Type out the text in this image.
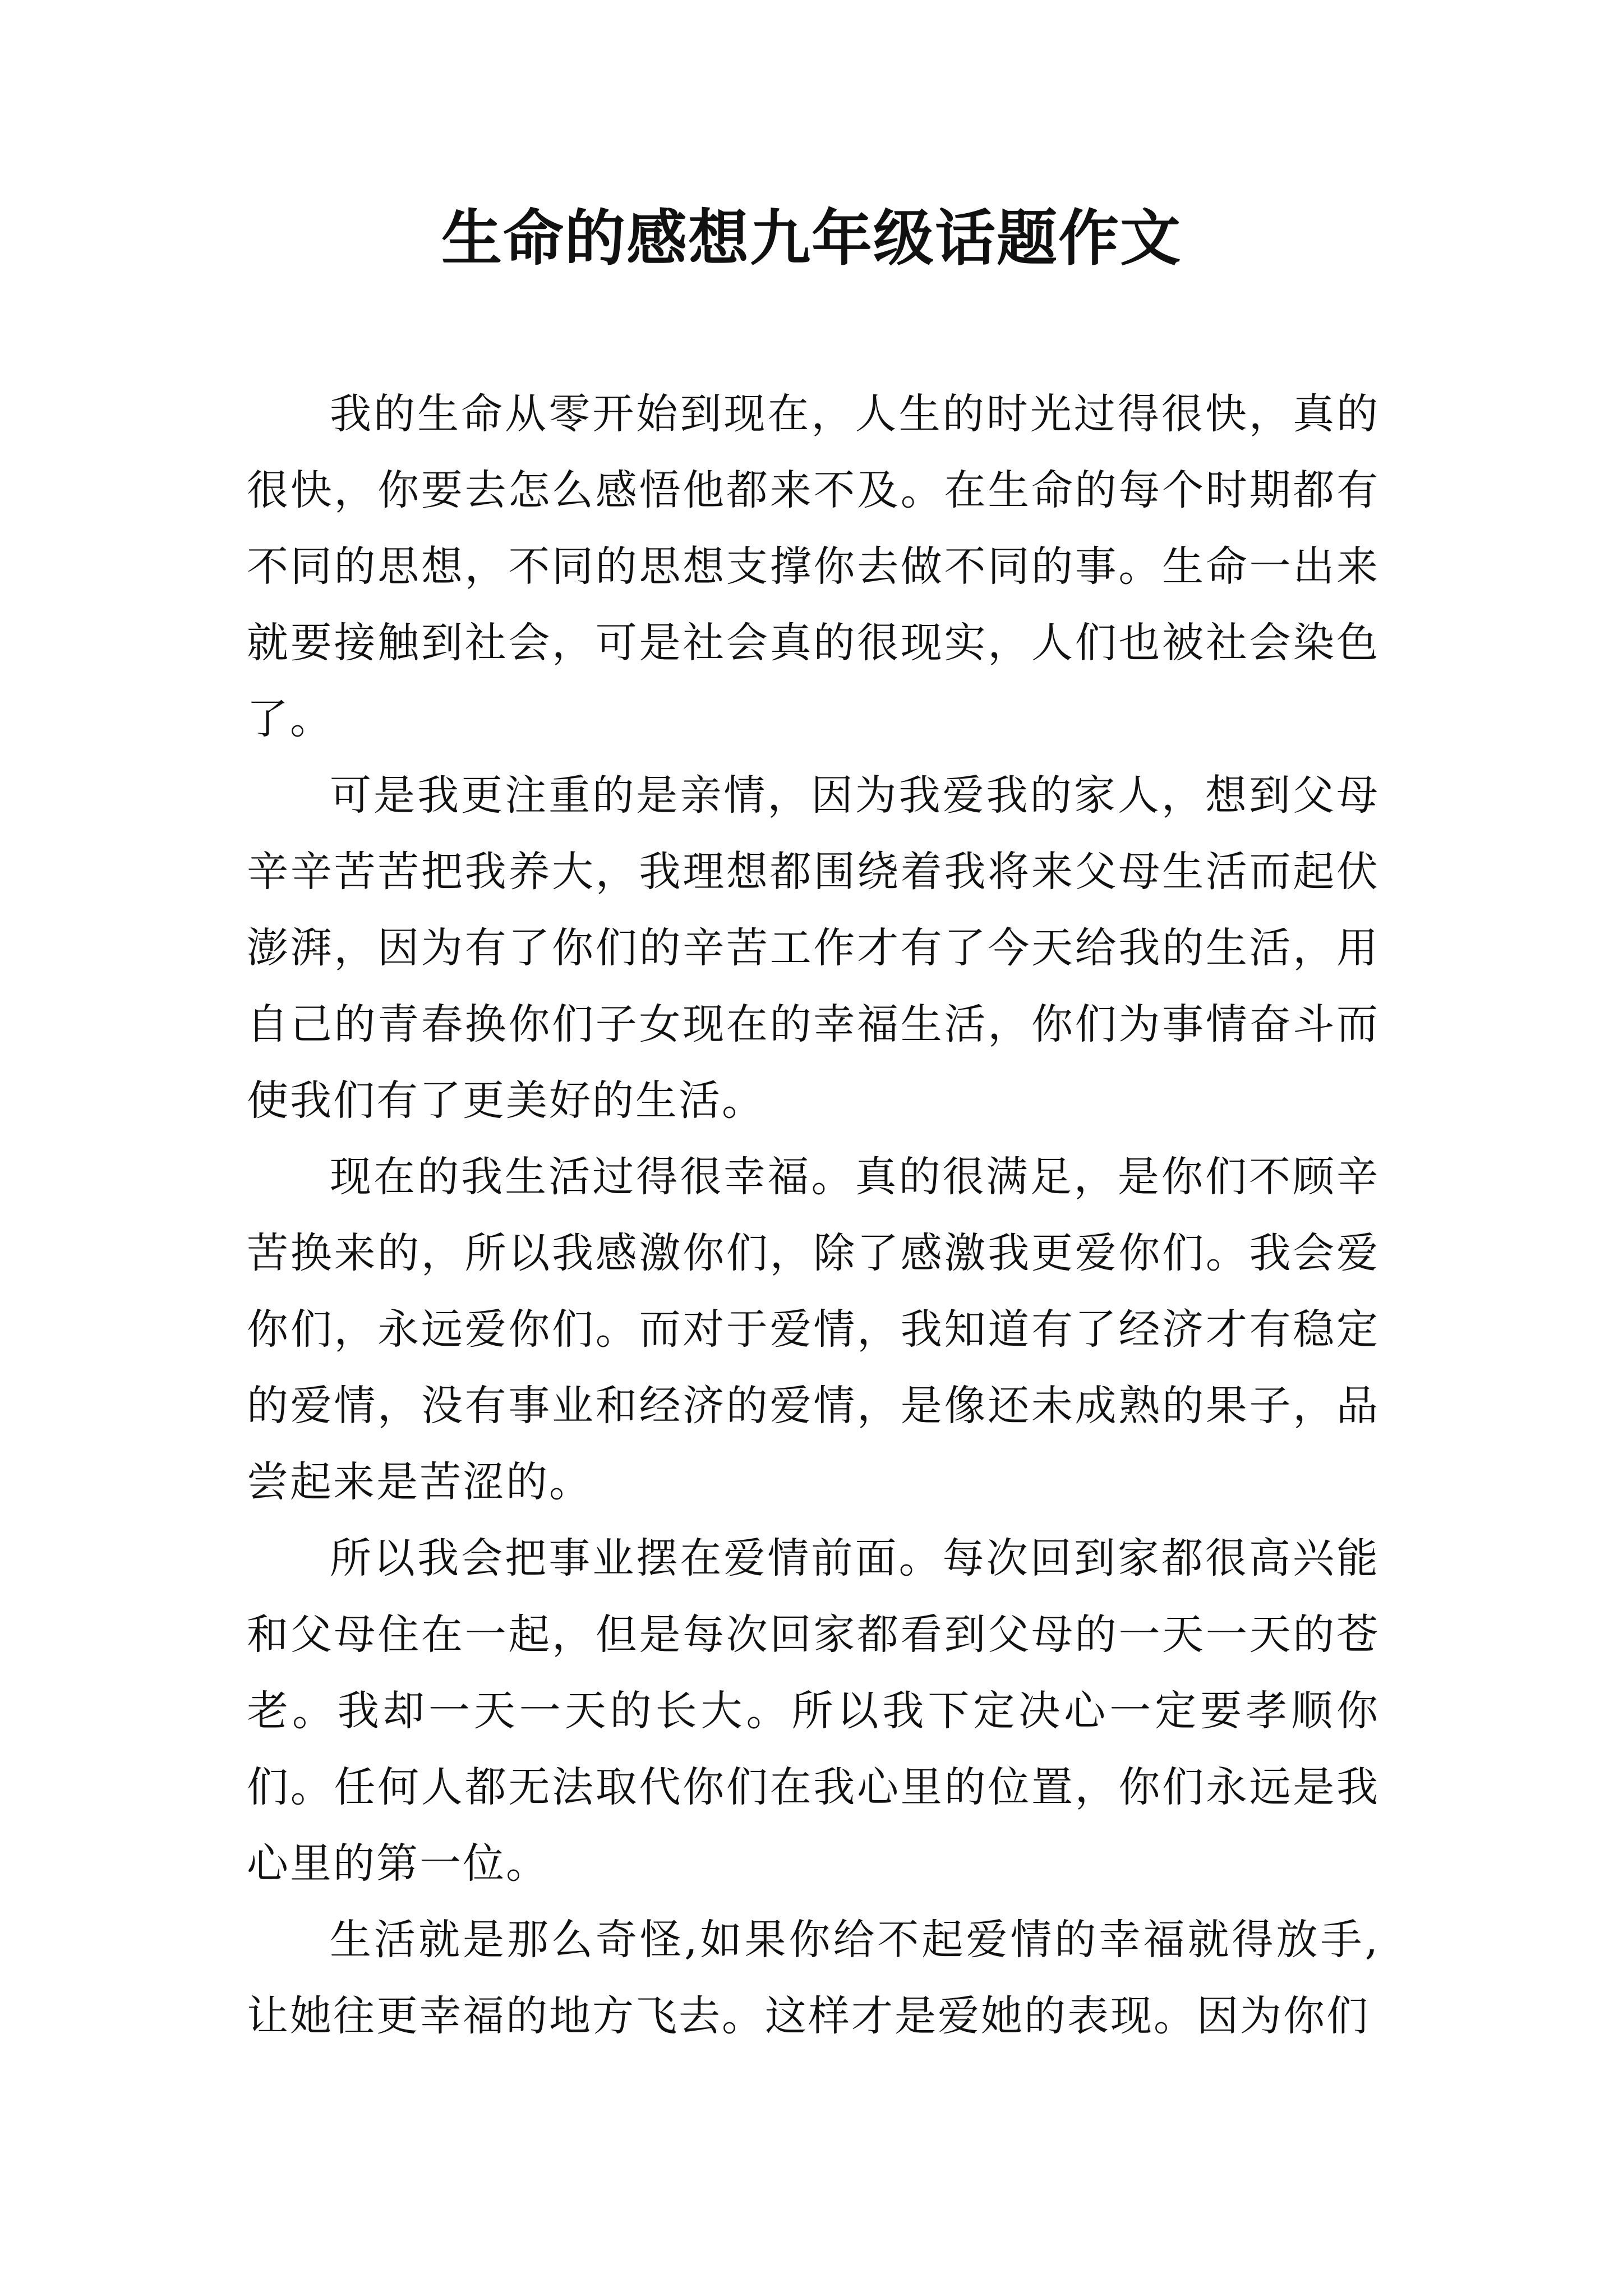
生命的感想九年级话题作文

我的生命从零开始到现在，人生的时光过得很快，真的很快，你要去怎么感悟他都来不及。在生命的每个时期都有不同的思想，不同的思想支撑你去做不同的事。生命一出来就要接触到社会，可是社会真的很现实，人们也被社会染色了。

可是我更注重的是亲情，因为我爱我的家人，想到父母辛辛苦苦把我养大，我理想都围绕着我将来父母生活而起伏澎湃，因为有了你们的辛苦工作才有了今天给我的生活，用自己的青春换你们子女现在的幸福生活，你们为事情奋斗而使我们有了更美好的生活。

现在的我生活过得很幸福。真的很满足，是你们不顾辛苦换来的，所以我感激你们，除了感激我更爱你们。我会爱你们，永远爱你们。而对于爱情，我知道有了经济才有稳定的爱情，没有事业和经济的爱情，是像还未成熟的果子，品尝起来是苦涩的。

所以我会把事业摆在爱情前面。每次回到家都很高兴能和父母住在一起，但是每次回家都看到父母的一天一天的苍老。我却一天一天的长大。所以我下定决心一定要孝顺你们。任何人都无法取代你们在我心里的位置，你们永远是我心里的第一位。

生活就是那么奇怪,如果你给不起爱情的幸福就得放手,让她往更幸福的地方飞去。这样才是爱她的表现。因为你们
